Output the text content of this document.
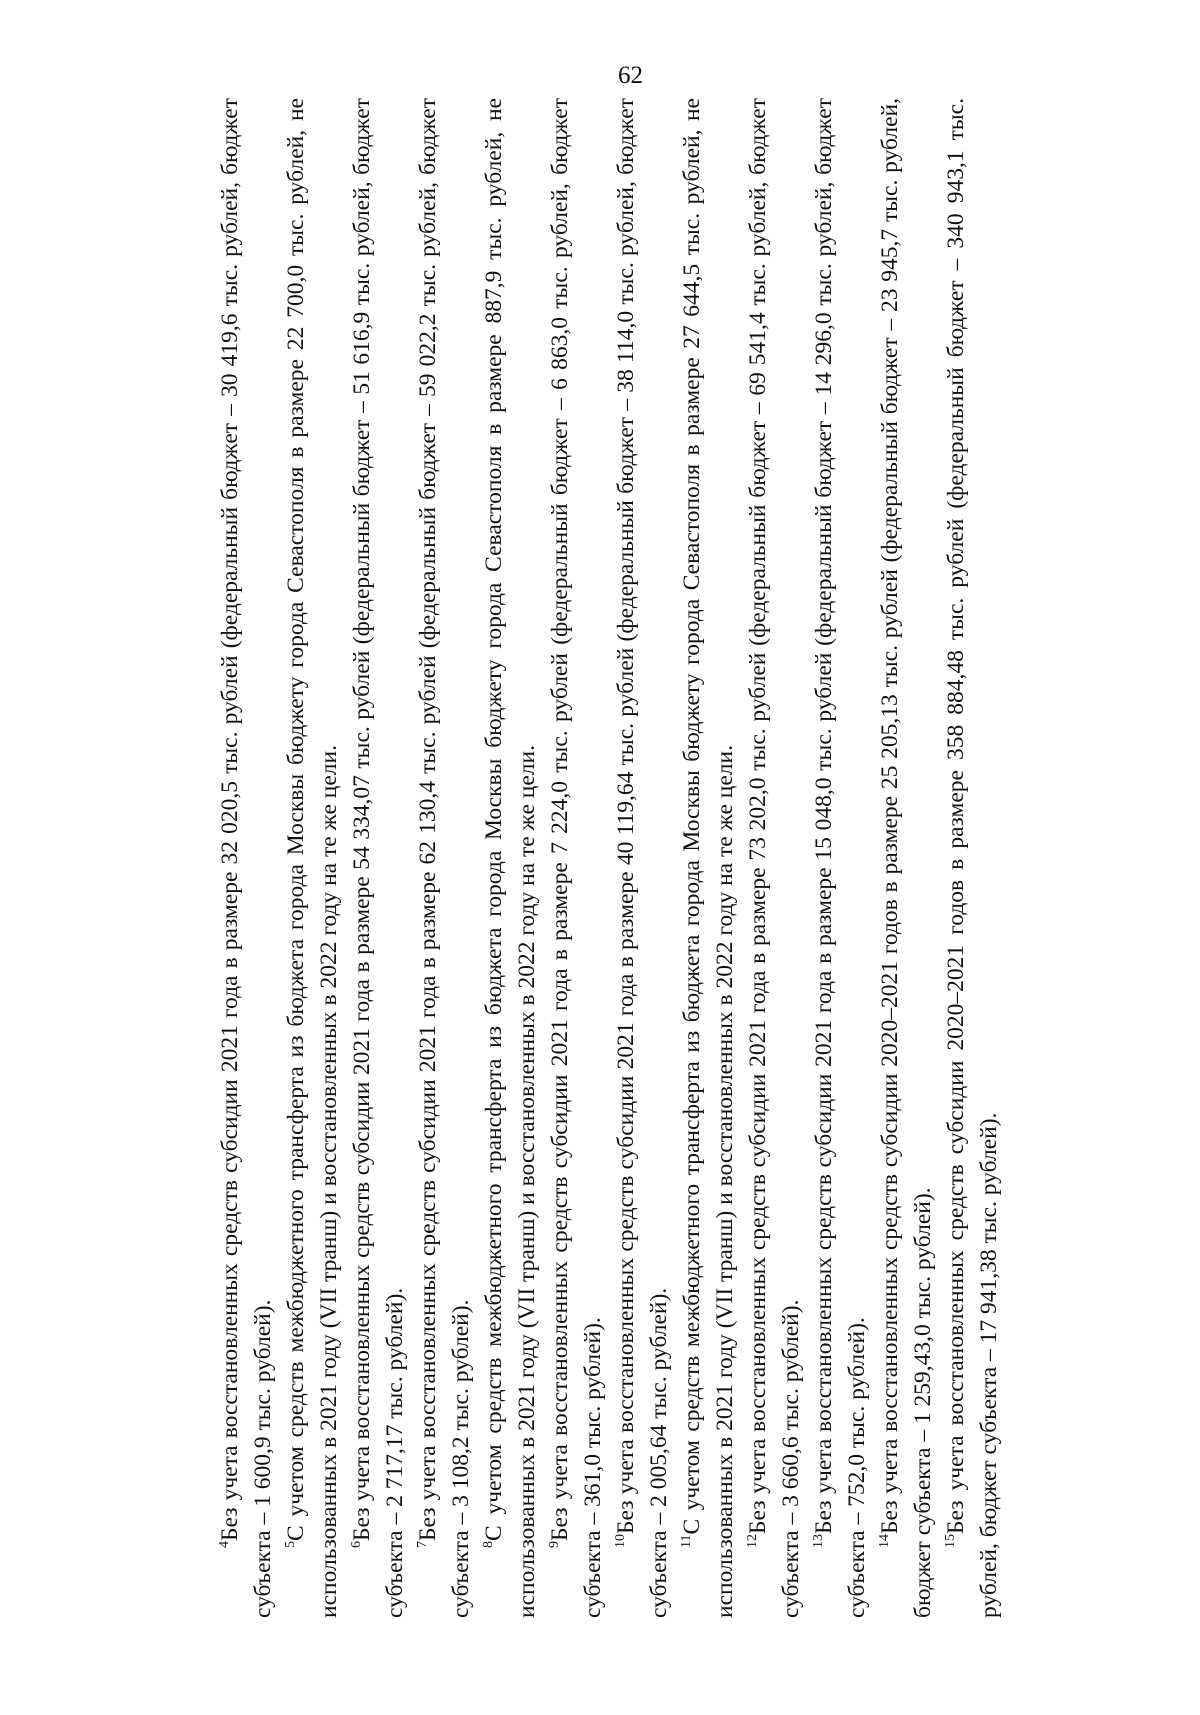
62

$^4$Без учета восстановленных средств субсидии 2021 года в размере 32 020,5 тыс. рублей (федеральный бюджет – 30 419,6 тыс. рублей, бюджет субъекта – 1 600,9 тыс. рублей). $^5$С учетом средств межбюджетного трансферта из бюджета города Москвы бюджету города Севастополя в размере 22 700,0 тыс. рублей, не использованных в 2021 году (VII транш) и восстановленных в 2022 году на те же цели. $^6$Без учета восстановленных средств субсидии 2021 года в размере 54 334,07 тыс. рублей (федеральный бюджет – 51 616,9 тыс. рублей, бюджет субъекта – 2 717,17 тыс. рублей). $^7$Без учета восстановленных средств субсидии 2021 года в размере 62 130,4 тыс. рублей (федеральный бюджет – 59 022,2 тыс. рублей, бюджет субъекта – 3 108,2 тыс. рублей). $^8$С учетом средств межбюджетного трансферта из бюджета города Москвы бюджету города Севастополя в размере 887,9 тыс. рублей, не использованных в 2021 году (VII транш) и восстановленных в 2022 году на те же цели. $^9$Без учета восстановленных средств субсидии 2021 года в размере 7 224,0 тыс. рублей (федеральный бюджет – 6 863,0 тыс. рублей, бюджет субъекта – 361,0 тыс. рублей). $^{10}$Без учета восстановленных средств субсидии 2021 года в размере 40 119,64 тыс. рублей (федеральный бюджет – 38 114,0 тыс. рублей, бюджет субъекта – 2 005,64 тыс. рублей). $^{11}$С учетом средств межбюджетного трансферта из бюджета города Москвы бюджету города Севастополя в размере 27 644,5 тыс. рублей, не использованных в 2021 году (VII транш) и восстановленных в 2022 году на те же цели. $^{12}$Без учета восстановленных средств субсидии 2021 года в размере 73 202,0 тыс. рублей (федеральный бюджет – 69 541,4 тыс. рублей, бюджет субъекта – 3 660,6 тыс. рублей). $^{13}$Без учета восстановленных средств субсидии 2021 года в размере 15 048,0 тыс. рублей (федеральный бюджет – 14 296,0 тыс. рублей, бюджет субъекта – 752,0 тыс. рублей). $^{14}$Без учета восстановленных средств субсидии 2020–2021 годов в размере 25 205,13 тыс. рублей (федеральный бюджет – 23 945,7 тыс. рублей, бюджет субъекта – 1 259,43,0 тыс. рублей). $^{15}$Без учета восстановленных средств субсидии 2020–2021 годов в размере 358 884,48 тыс. рублей (федеральный бюджет – 340 943,1 тыс. рублей, бюджет субъекта – 17 941,38 тыс. рублей).
